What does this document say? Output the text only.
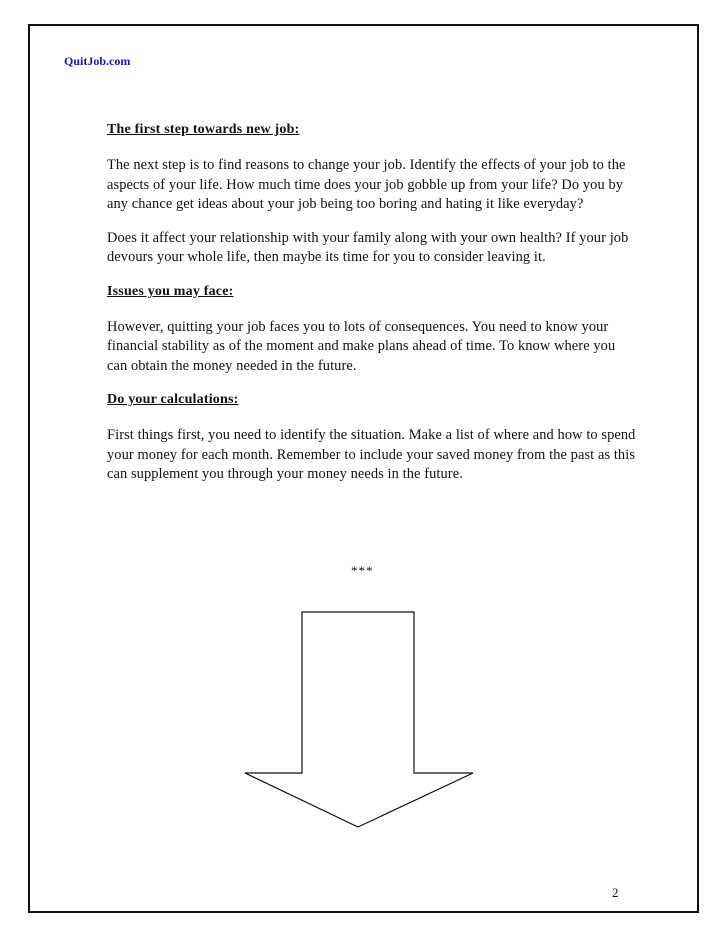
QuitJob.com

The first step towards new job:

The next step is to find reasons to change your job. Identify the effects of your job to the aspects of your life. How much time does your job gobble up from your life? Do you by any chance get ideas about your job being too boring and hating it like everyday?

Does it affect your relationship with your family along with your own health? If your job devours your whole life, then maybe its time for you to consider leaving it.

Issues you may face:

However, quitting your job faces you to lots of consequences. You need to know your financial stability as of the moment and make plans ahead of time. To know where you can obtain the money needed in the future.

Do your calculations:

First things first, you need to identify the situation. Make a list of where and how to spend your money for each month. Remember to include your saved money from the past as this can supplement you through your money needs in the future.

***
2
